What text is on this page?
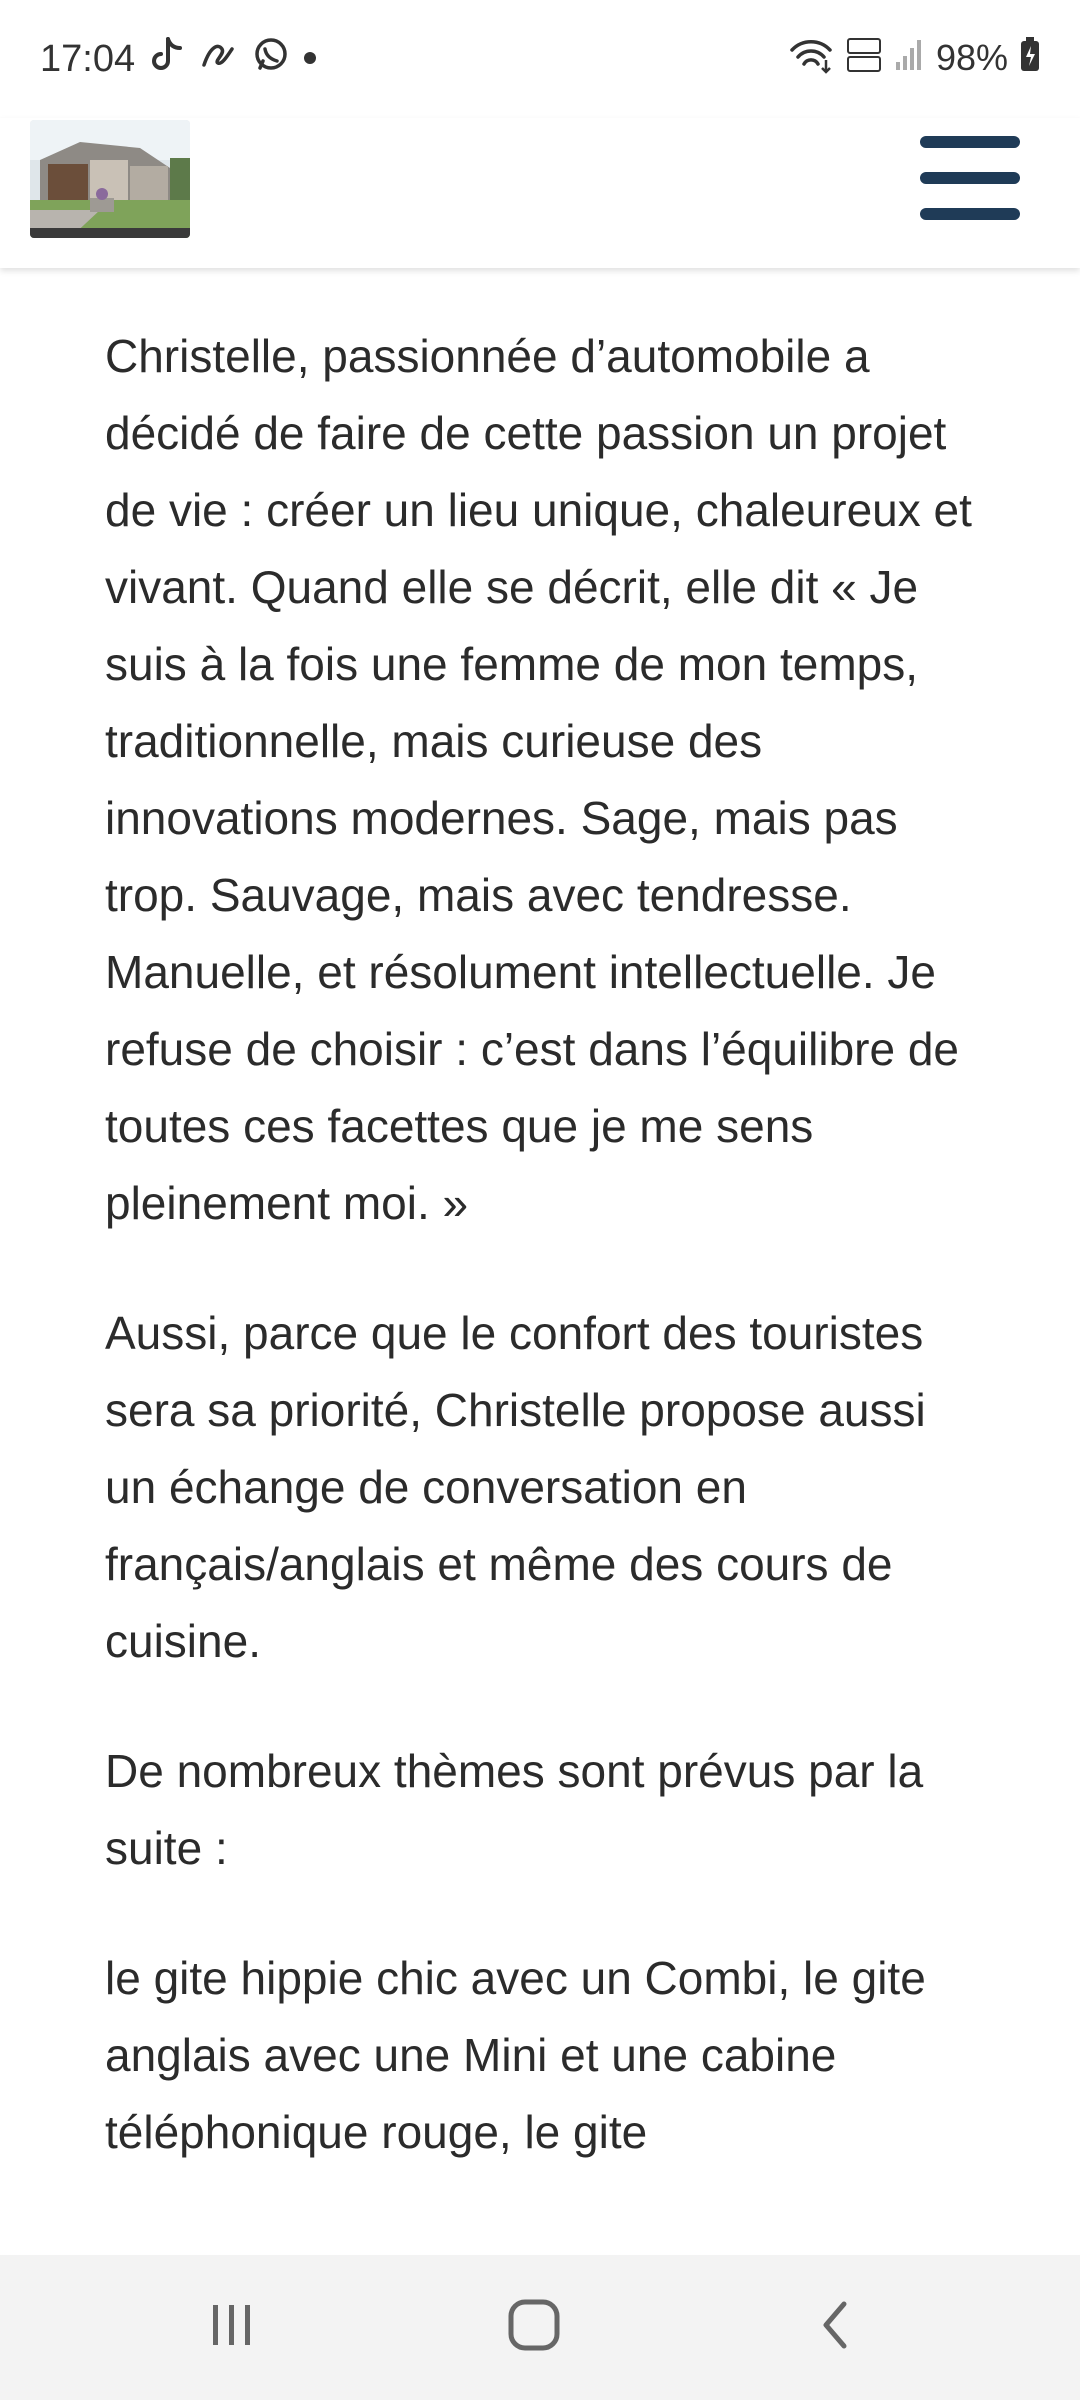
17:04	98%

Christelle, passionnée d’automobile a décidé de faire de cette passion un projet de vie : créer un lieu unique, chaleureux et vivant. Quand elle se décrit, elle dit « Je suis à la fois une femme de mon temps, traditionnelle, mais curieuse des innovations modernes. Sage, mais pas trop. Sauvage, mais avec tendresse. Manuelle, et résolument intellectuelle. Je refuse de choisir : c’est dans l’équilibre de toutes ces facettes que je me sens pleinement moi. »

Aussi, parce que le confort des touristes sera sa priorité, Christelle propose aussi un échange de conversation en français/anglais et même des cours de cuisine.

De nombreux thèmes sont prévus par la suite :

le gite hippie chic avec un Combi, le gite anglais avec une Mini et une cabine téléphonique rouge, le gite
